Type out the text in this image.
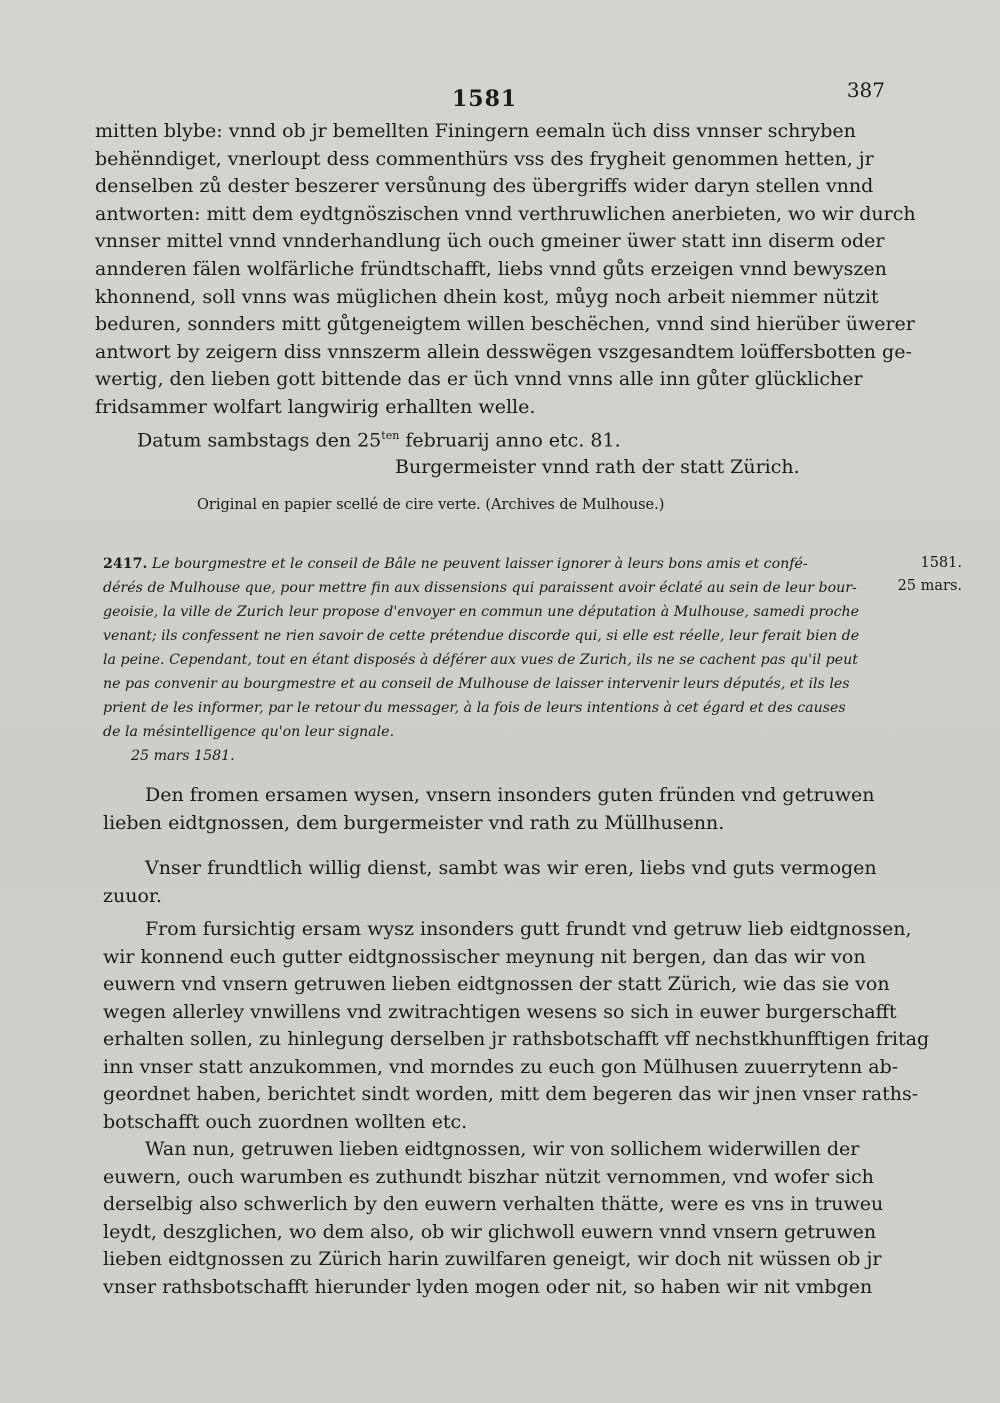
1581	387
mitten blybe: vnnd ob jr bemellten Finingern eemaln üch diss vnnser schryben
behënndiget, vnerloupt dess commenthürs vss des frygheit genommen hetten, jr
denselben zů dester beszerer versůnung des übergriffs wider daryn stellen vnnd
antworten: mitt dem eydtgnöszischen vnnd verthruwlichen anerbieten, wo wir durch
vnnser mittel vnnd vnnderhandlung üch ouch gmeiner üwer statt inn diserm oder
annderen fälen wolfärliche fründtschafft, liebs vnnd gůts erzeigen vnnd bewyszen
khonnend, soll vnns was müglichen dhein kost, můyg noch arbeit niemmer nützit
beduren, sonnders mitt gůtgeneigtem willen beschëchen, vnnd sind hierüber üwerer
antwort by zeigern diss vnnszerm allein desswëgen vszgesandtem loüffersbotten ge-
wertig, den lieben gott bittende das er üch vnnd vnns alle inn gůter glücklicher
fridsammer wolfart langwirig erhallten welle.
Datum sambstags den $25^{ten}$ februarij anno etc. 81.
Burgermeister vnnd rath der statt Zürich.
Original en papier scellé de cire verte. (Archives de Mulhouse.)
2417. Le bourgmestre et le conseil de Bâle ne peuvent laisser ignorer à leurs bons amis et confé-
dérés de Mulhouse que, pour mettre fin aux dissensions qui paraissent avoir éclaté au sein de leur bour-
geoisie, la ville de Zurich leur propose d'envoyer en commun une députation à Mulhouse, samedi proche
venant; ils confessent ne rien savoir de cette prétendue discorde qui, si elle est réelle, leur ferait bien de
la peine. Cependant, tout en étant disposés à déférer aux vues de Zurich, ils ne se cachent pas qu'il peut
ne pas convenir au bourgmestre et au conseil de Mulhouse de laisser intervenir leurs députés, et ils les
prient de les informer, par le retour du messager, à la fois de leurs intentions à cet égard et des causes
de la mésintelligence qu'on leur signale.
25 mars 1581.
1581.
25 mars.
Den fromen ersamen wysen, vnsern insonders guten fründen vnd getruwen
lieben eidtgnossen, dem burgermeister vnd rath zu Müllhusenn.
Vnser frundtlich willig dienst, sambt was wir eren, liebs vnd guts vermogen
zuuor.
From fursichtig ersam wysz insonders gutt frundt vnd getruw lieb eidtgnossen,
wir konnend euch gutter eidtgnossischer meynung nit bergen, dan das wir von
euwern vnd vnsern getruwen lieben eidtgnossen der statt Zürich, wie das sie von
wegen allerley vnwillens vnd zwitrachtigen wesens so sich in euwer burgerschafft
erhalten sollen, zu hinlegung derselben jr rathsbotschafft vff nechstkhunfftigen fritag
inn vnser statt anzukommen, vnd morndes zu euch gon Mülhusen zuuerrytenn ab-
geordnet haben, berichtet sindt worden, mitt dem begeren das wir jnen vnser raths-
botschafft ouch zuordnen wollten etc.
Wan nun, getruwen lieben eidtgnossen, wir von sollichem widerwillen der
euwern, ouch warumben es zuthundt biszhar nützit vernommen, vnd wofer sich
derselbig also schwerlich by den euwern verhalten thätte, were es vns in truweu
leydt, deszglichen, wo dem also, ob wir glichwoll euwern vnnd vnsern getruwen
lieben eidtgnossen zu Zürich harin zuwilfaren geneigt, wir doch nit wüssen ob jr
vnser rathsbotschafft hierunder lyden mogen oder nit, so haben wir nit vmbgen
